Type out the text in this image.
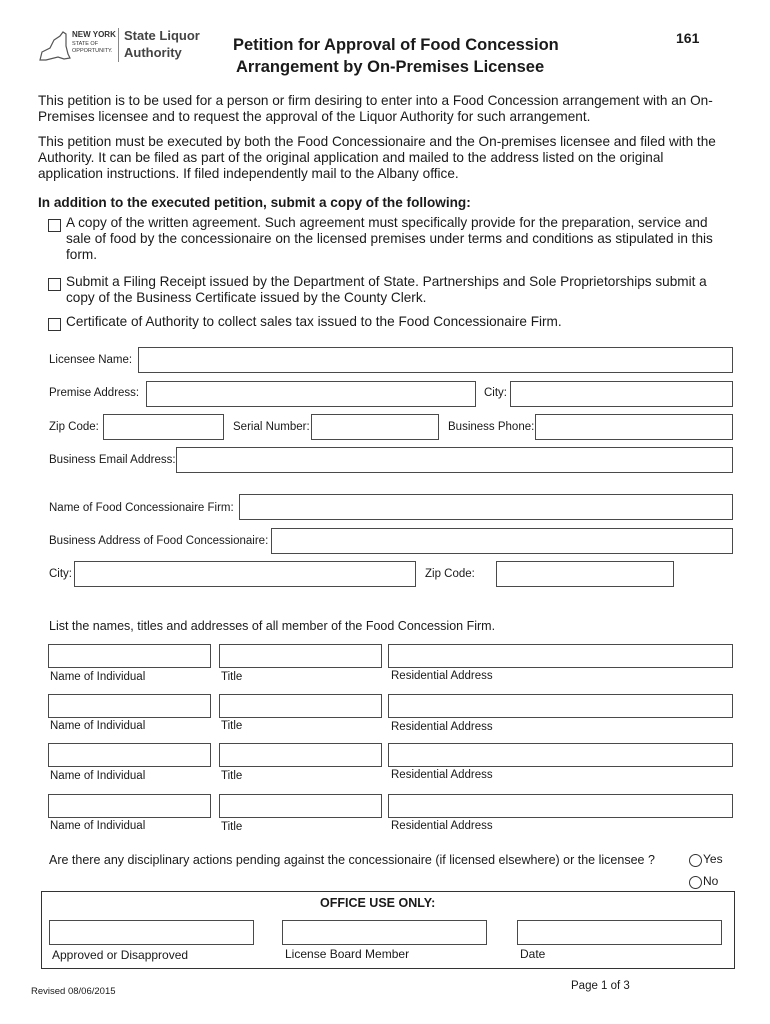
NEW YORK
STATE OF
OPPORTUNITY.
State Liquor
Authority
161
Petition for Approval of Food Concession
Arrangement by On-Premises Licensee
This petition is to be used for a person or firm desiring to enter into a Food Concession arrangement with an On-Premises licensee and to request the approval of the Liquor Authority for such arrangement.
This petition must be executed by both the Food Concessionaire and the On-premises licensee and filed with the Authority. It can be filed as part of the original application and mailed to the address listed on the original application instructions. If filed independently mail to the Albany office.
In addition to the executed petition, submit a copy of the following:
A copy of the written agreement. Such agreement must specifically provide for the preparation, service and sale of food by the concessionaire on the licensed premises under terms and conditions as stipulated in this form.
Submit a Filing Receipt issued by the Department of State. Partnerships and Sole Proprietorships submit a copy of the Business Certificate issued by the County Clerk.
Certificate of Authority to collect sales tax issued to the Food Concessionaire Firm.
Licensee Name:
Premise Address:	City:
Zip Code:	Serial Number:	Business Phone:
Business Email Address:
Name of Food Concessionaire Firm:
Business Address of Food Concessionaire:
City:	Zip Code:
List the names, titles and addresses of all member of the Food Concession Firm.
Name of Individual	Title	Residential Address
Name of Individual	Title	Residential Address
Name of Individual	Title	Residential Address
Name of Individual	Title	Residential Address
Are there any disciplinary actions pending against the concessionaire (if licensed elsewhere) or the licensee ?	Yes
No
OFFICE USE ONLY:
Approved or Disapproved	License Board Member	Date
Revised 08/06/2015	Page 1 of 3
